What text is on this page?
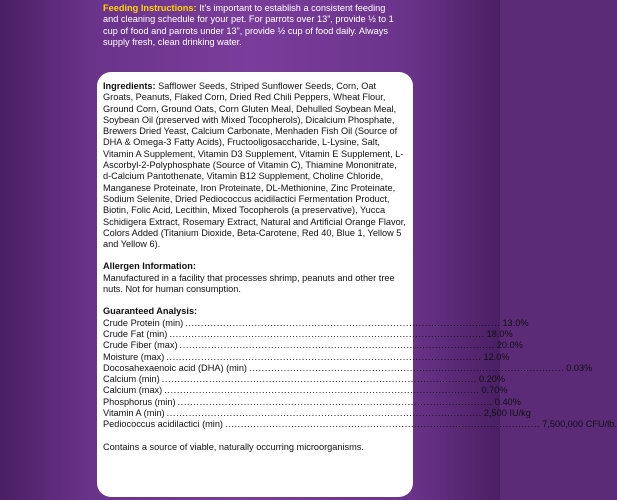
Feeding Instructions: It’s important to establish a consistent feeding and cleaning schedule for your pet. For parrots over 13”, provide ½ to 1 cup of food and parrots under 13”, provide ½ cup of food daily. Always supply fresh, clean drinking water.

Ingredients: Safflower Seeds, Striped Sunflower Seeds, Corn, Oat Groats, Peanuts, Flaked Corn, Dried Red Chili Peppers, Wheat Flour, Ground Corn, Ground Oats, Corn Gluten Meal, Dehulled Soybean Meal, Soybean Oil (preserved with Mixed Tocopherols), Dicalcium Phosphate, Brewers Dried Yeast, Calcium Carbonate, Menhaden Fish Oil (Source of DHA & Omega-3 Fatty Acids), Fructooligosaccharide, L-Lysine, Salt, Vitamin A Supplement, Vitamin D3 Supplement, Vitamin E Supplement, L-Ascorbyl-2-Polyphosphate (Source of Vitamin C), Thiamine Mononitrate, d-Calcium Pantothenate, Vitamin B12 Supplement, Choline Chloride, Manganese Proteinate, Iron Proteinate, DL-Methionine, Zinc Proteinate, Sodium Selenite, Dried Pediococcus acidilactici Fermentation Product, Biotin, Folic Acid, Lecithin, Mixed Tocopherols (a preservative), Yucca Schidigera Extract, Rosemary Extract, Natural and Artificial Orange Flavor, Colors Added (Titanium Dioxide, Beta-Carotene, Red 40, Blue 1, Yellow 5 and Yellow 6).

Allergen Information:

Manufactured in a facility that processes shrimp, peanuts and other tree nuts. Not for human consumption.

Guaranteed Analysis:
Crude Protein (min) .................................................................................................... 13.0%
Crude Fat (min) .................................................................................................... 18.0%
Crude Fiber (max) .................................................................................................... 20.0%
Moisture (max) .................................................................................................... 12.0%
Docosahexaenoic acid (DHA) (min) .................................................................................................... 0.03%
Calcium (min) .................................................................................................... 0.20%
Calcium (max) .................................................................................................... 0.70%
Phosphorus (min) .................................................................................................... 0.40%
Vitamin A (min) .................................................................................................... 2,500 IU/kg
Pediococcus acidilactici (min) .................................................................................................... 7,500,000 CFU/lb.

Contains a source of viable, naturally occurring microorganisms.
